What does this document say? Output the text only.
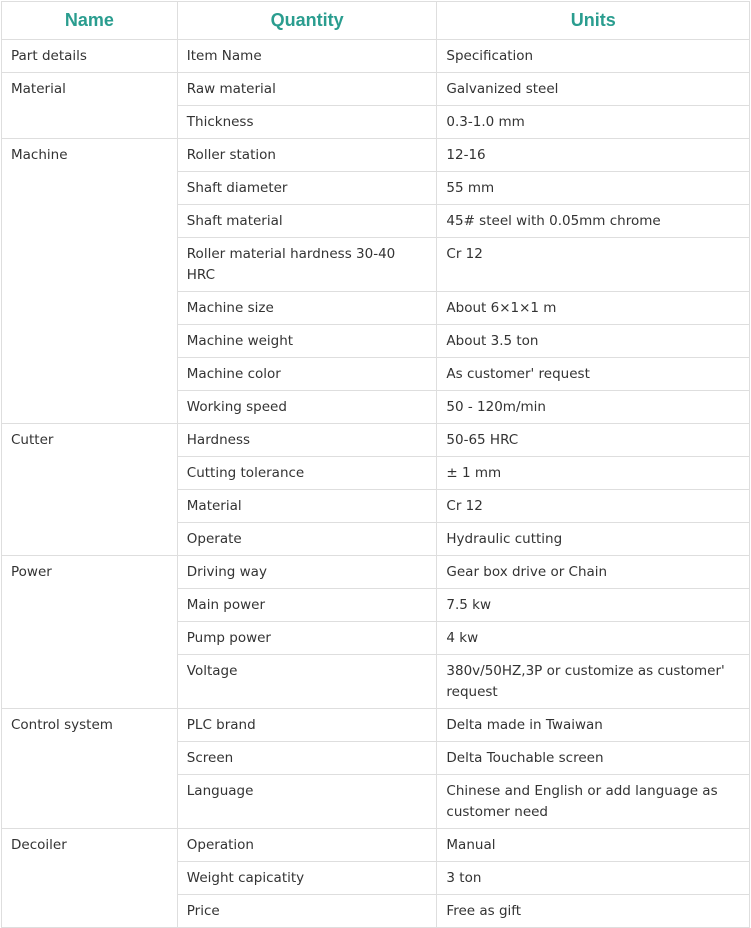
Name	Quantity	Units
Part details	Item Name	Specification
Material	Raw material	Galvanized steel
	Thickness	0.3-1.0 mm
Machine	Roller station	12-16
	Shaft diameter	55 mm
	Shaft material	45# steel with 0.05mm chrome
	Roller material hardness 30-40 HRC	Cr 12
	Machine size	About 6×1×1 m
	Machine weight	About 3.5 ton
	Machine color	As customer' request
	Working speed	50 - 120m/min
Cutter	Hardness	50-65 HRC
	Cutting tolerance	± 1 mm
	Material	Cr 12
	Operate	Hydraulic cutting
Power	Driving way	Gear box drive or Chain
	Main power	7.5 kw
	Pump power	4 kw
	Voltage	380v/50HZ,3P or customize as customer' request
Control system	PLC brand	Delta made in Twaiwan
	Screen	Delta Touchable screen
	Language	Chinese and English or add language as customer need
Decoiler	Operation	Manual
	Weight capicatity	3 ton
	Price	Free as gift
